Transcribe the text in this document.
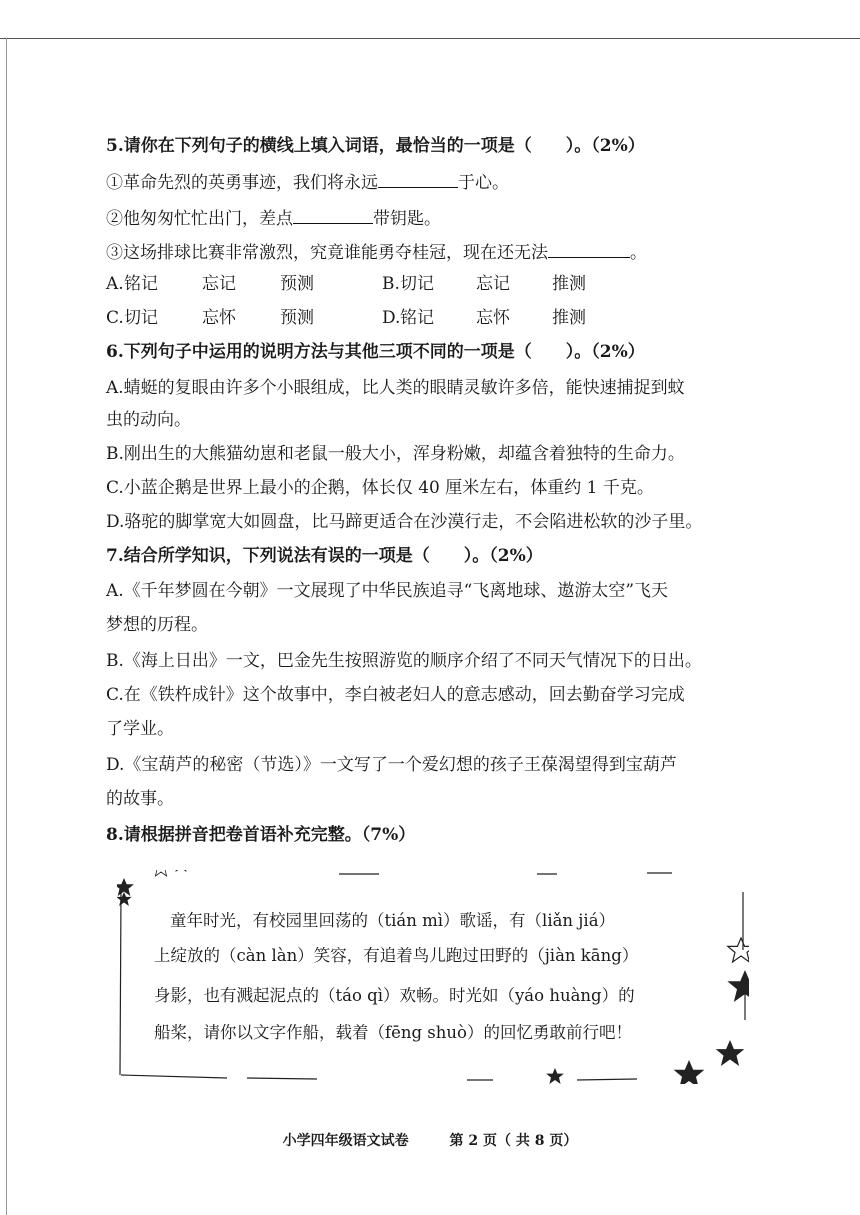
5.请你在下列句子的横线上填入词语，最恰当的一项是（　　）。（2%）
①革命先烈的英勇事迹，我们将永远	于心。
②他匆匆忙忙出门，差点	带钥匙。
③这场排球比赛非常激烈，究竟谁能勇夺桂冠，现在还无法	。
A. 铭记	忘记	预测	B. 切记 忘记 推测
C. 切记	忘怀	预测	D. 铭记 忘怀 推测
6.下列句子中运用的说明方法与其他三项不同的一项是（　　）。（2%）
A.蜻蜓的复眼由许多个小眼组成，比人类的眼睛灵敏许多倍，能快速捕捉到蚊
虫的动向。
B.刚出生的大熊猫幼崽和老鼠一般大小，浑身粉嫩，却蕴含着独特的生命力。
C.小蓝企鹅是世界上最小的企鹅，体长仅 40 厘米左右，体重约 1 千克。
D.骆驼的脚掌宽大如圆盘，比马蹄更适合在沙漠行走，不会陷进松软的沙子里。
7.结合所学知识，下列说法有误的一项是（　　）。（2%）
A.《千年梦圆在今朝》一文展现了中华民族追寻“飞离地球、遨游太空”飞天
梦想的历程。
B.《海上日出》一文，巴金先生按照游览的顺序介绍了不同天气情况下的日出。
C.在《铁杵成针》这个故事中，李白被老妇人的意志感动，回去勤奋学习完成
了学业。
D.《宝葫芦的秘密（节选）》一文写了一个爱幻想的孩子王葆渴望得到宝葫芦
的故事。
8.请根据拼音把卷首语补充完整。（7%）
童年时光，有校园里回荡的（tián mì）歌谣，有（liǎn jiá）
上绽放的（càn làn）笑容，有追着鸟儿跑过田野的（jiàn kāng）
身影，也有溅起泥点的（táo qì）欢畅。时光如（yáo huàng）的
船桨，请你以文字作船，载着（fēng shuò）的回忆勇敢前行吧！
小学四年级语文试卷	第 2 页（ 共 8 页）
